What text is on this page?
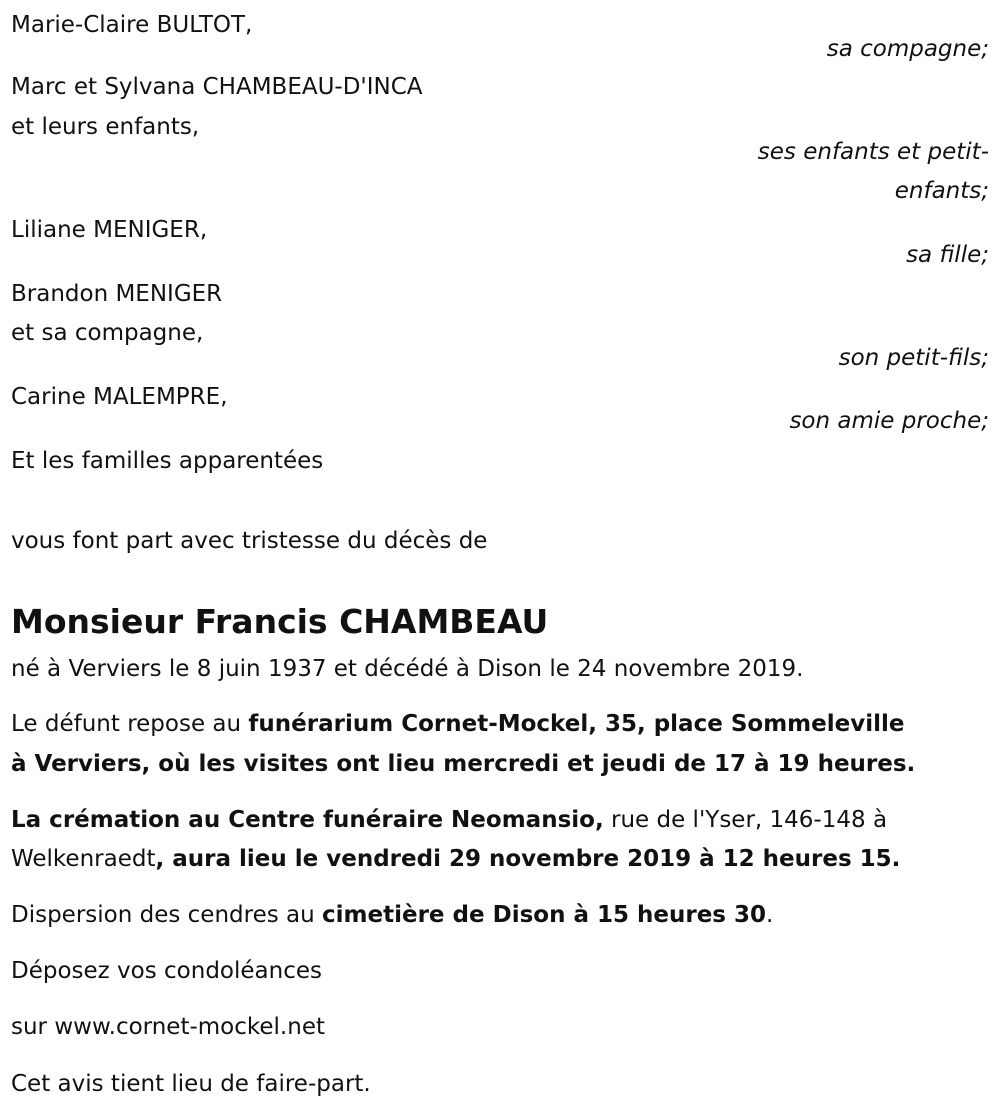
Marie-Claire BULTOT,
sa compagne;
Marc et Sylvana CHAMBEAU-D'INCA
et leurs enfants,
ses enfants et petit-
enfants;
Liliane MENIGER,
sa fille;
Brandon MENIGER
et sa compagne,
son petit-fils;
Carine MALEMPRE,
son amie proche;
Et les familles apparentées
vous font part avec tristesse du décès de
Monsieur Francis CHAMBEAU
né à Verviers le 8 juin 1937 et décédé à Dison le 24 novembre 2019.
Le défunt repose au funérarium Cornet-Mockel, 35, place Sommeleville
à Verviers, où les visites ont lieu mercredi et jeudi de 17 à 19 heures.
La crémation au Centre funéraire Neomansio, rue de l'Yser, 146-148 à
Welkenraedt, aura lieu le vendredi 29 novembre 2019 à 12 heures 15.
Dispersion des cendres au cimetière de Dison à 15 heures 30.
Déposez vos condoléances
sur www.cornet-mockel.net
Cet avis tient lieu de faire-part.
